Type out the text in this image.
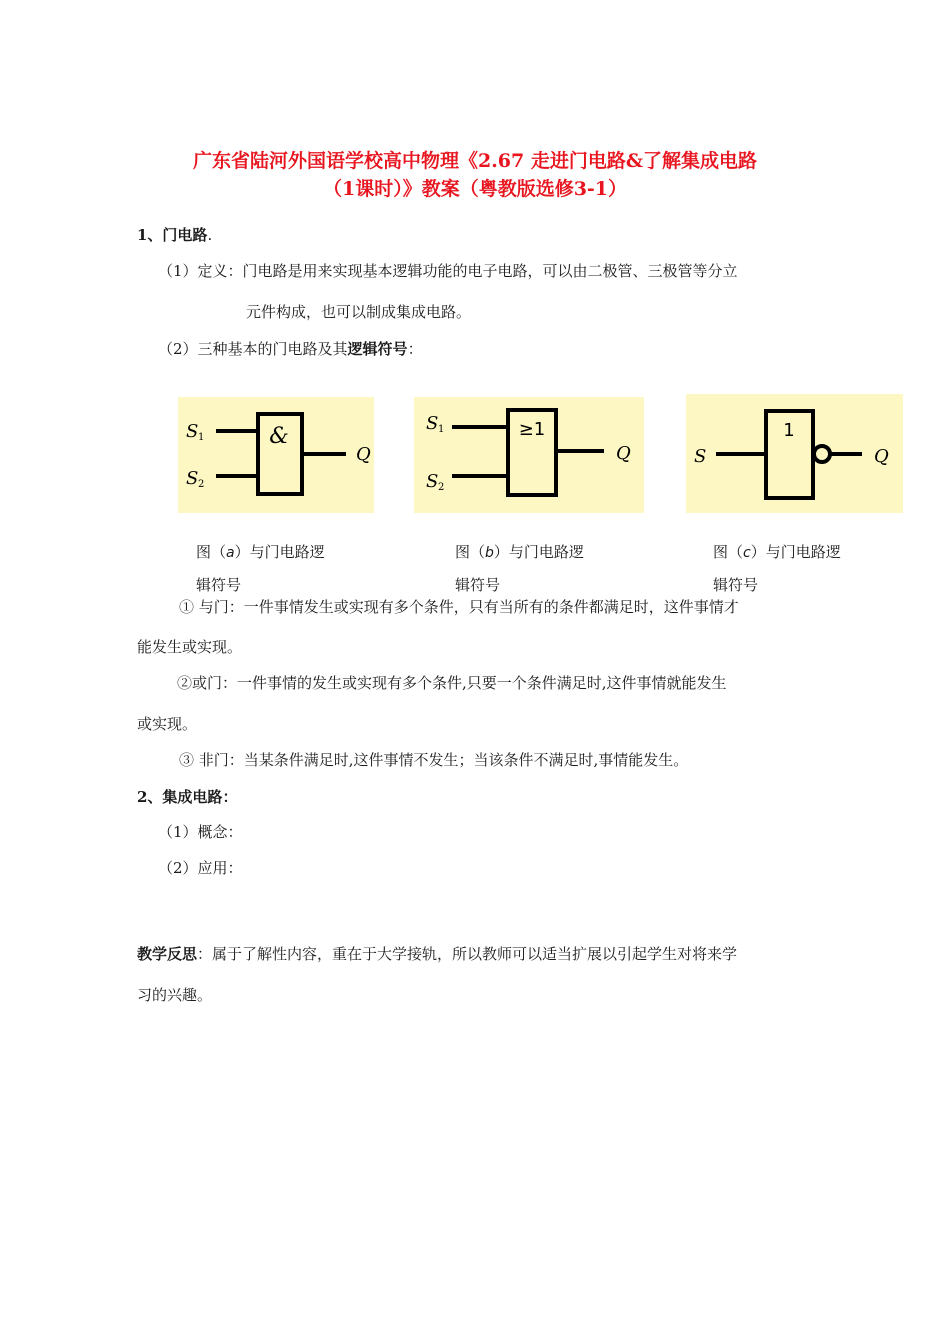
广东省陆河外国语学校高中物理《2.67 走进门电路&了解集成电路
（1课时）》教案（粤教版选修3-1）
1、门电路.
（1）定义：门电路是用来实现基本逻辑功能的电子电路，可以由二极管、三极管等分立
元件构成，也可以制成集成电路。
（2）三种基本的门电路及其逻辑符号：
&
S 1
S 2
Q
≥1
S 1
S 2
Q
1
S	Q
图（a）与门电路逻
辑符号
图（b）与门电路逻
辑符号
图（c）与门电路逻
辑符号
① 与门：一件事情发生或实现有多个条件，只有当所有的条件都满足时，这件事情才
能发生或实现。
②或门：一件事情的发生或实现有多个条件,只要一个条件满足时,这件事情就能发生
或实现。
③ 非门：当某条件满足时,这件事情不发生；当该条件不满足时,事情能发生。
2、集成电路：
（1）概念：
（2）应用：
教学反思：属于了解性内容，重在于大学接轨，所以教师可以适当扩展以引起学生对将来学
习的兴趣。
